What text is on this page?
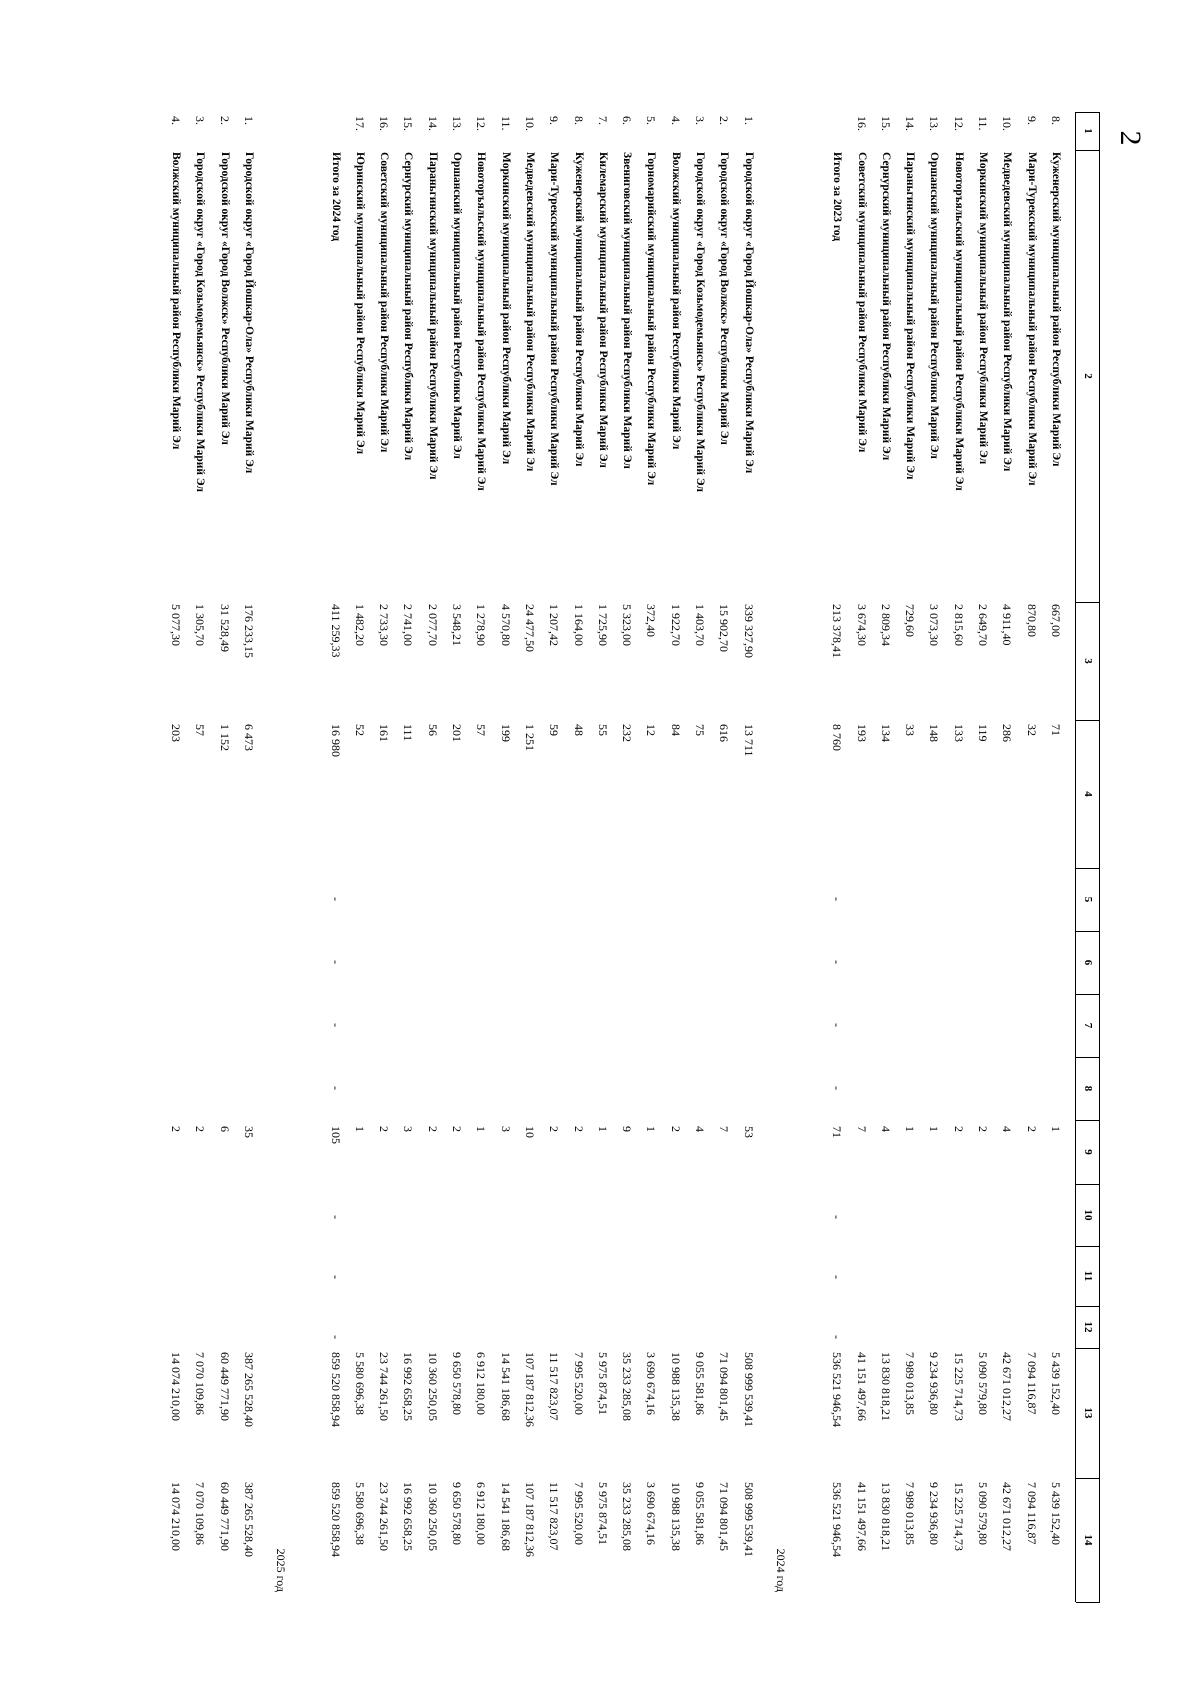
2
1
2
3
4
5
6
7
8
9
10
11
12
13
14
8.
Куженерский муниципальный район Республики Марий Эл
667,00
71
1
5 439 152,40
5 439 152,40
9.
Мари-Турекский муниципальный район Республики Марий Эл
870,80
32
2
7 094 116,87
7 094 116,87
10.
Медведевский муниципальный район Республики Марий Эл
4 911,40
286
4
42 671 012,27
42 671 012,27
11.
Моркинский муниципальный район Республики Марий Эл
2 649,70
119
2
5 090 579,80
5 090 579,80
12.
Новоторъяльский муниципальный район Республики Марий Эл
2 815,60
133
2
15 225 714,73
15 225 714,73
13.
Оршанский муниципальный район Республики Марий Эл
3 073,30
148
1
9 234 936,80
9 234 936,80
14.
Параньгинский муниципальный район Республики Марий Эл
729,60
33
1
7 989 013,85
7 989 013,85
15.
Сернурский муниципальный район Республики Марий Эл
2 809,34
134
4
13 830 818,21
13 830 818,21
16.
Советский муниципальный район Республики Марий Эл
3 674,30
193
7
41 151 497,66
41 151 497,66
Итого за 2023 год
213 378,41
8 760
-
-
-
-
71
-
-
-
536 521 946,54
536 521 946,54
2024 год
1.
Городской округ «Город Йошкар-Ола» Республики Марий Эл
339 327,90
13 711
53
508 999 539,41
508 999 539,41
2.
Городской округ «Город Волжск» Республики Марий Эл
15 902,70
616
7
71 094 801,45
71 094 801,45
3.
Городской округ «Город Козьмодемьянск» Республики Марий Эл
1 403,70
75
4
9 055 581,86
9 055 581,86
4.
Волжский муниципальный район Республики Марий Эл
1 922,70
84
2
10 988 135,38
10 988 135,38
5.
Горномарийский муниципальный район Республики Марий Эл
372,40
12
1
3 690 674,16
3 690 674,16
6.
Звениговский муниципальный район Республики Марий Эл
5 323,00
232
9
35 233 285,08
35 233 285,08
7.
Килемарский муниципальный район Республики Марий Эл
1 725,90
55
1
5 975 874,51
5 975 874,51
8.
Куженерский муниципальный район Республики Марий Эл
1 164,00
48
2
7 995 520,00
7 995 520,00
9.
Мари-Турекский муниципальный район Республики Марий Эл
1 207,42
59
2
11 517 823,07
11 517 823,07
10.
Медведевский муниципальный район Республики Марий Эл
24 477,50
1 251
10
107 187 812,36
107 187 812,36
11.
Моркинский муниципальный район Республики Марий Эл
4 570,80
199
3
14 541 186,68
14 541 186,68
12.
Новоторъяльский муниципальный район Республики Марий Эл
1 278,90
57
1
6 912 180,00
6 912 180,00
13.
Оршанский муниципальный район Республики Марий Эл
3 548,21
201
2
9 650 578,80
9 650 578,80
14.
Параньгинский муниципальный район Республики Марий Эл
2 077,70
56
2
10 360 250,05
10 360 250,05
15.
Сернурский муниципальный район Республики Марий Эл
2 741,00
111
3
16 992 658,25
16 992 658,25
16.
Советский муниципальный район Республики Марий Эл
2 733,30
161
2
23 744 261,50
23 744 261,50
17.
Юринский муниципальный район Республики Марий Эл
1 482,20
52
1
5 580 696,38
5 580 696,38
Итого за 2024 год
411 259,33
16 980
-
-
-
-
105
-
-
-
859 520 858,94
859 520 858,94
2025 год
1.
Городской округ «Город Йошкар-Ола» Республики Марий Эл
176 233,15
6 473
35
387 265 528,40
387 265 528,40
2.
Городской округ «Город Волжск» Республики Марий Эл
31 528,49
1 152
6
60 449 771,90
60 449 771,90
3.
Городской округ «Город Козьмодемьянск» Республики Марий Эл
1 305,70
57
2
7 070 109,86
7 070 109,86
4.
Волжский муниципальный район Республики Марий Эл
5 077,30
203
2
14 074 210,00
14 074 210,00
